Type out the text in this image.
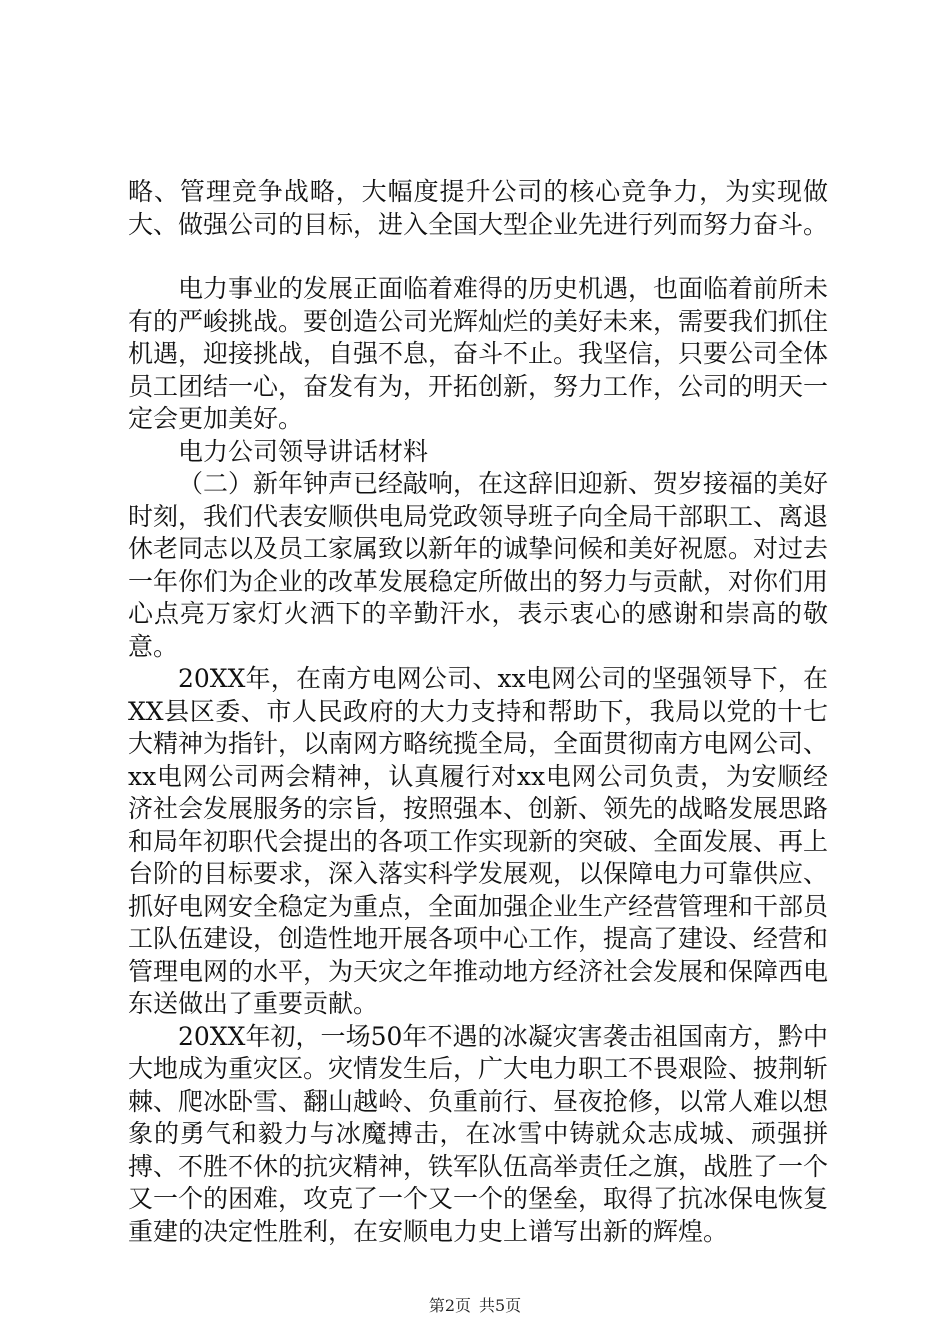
略、管理竞争战略，大幅度提升公司的核心竞争力，为实现做大、做强公司的目标，进入全国大型企业先进行列而努力奋斗。

电力事业的发展正面临着难得的历史机遇，也面临着前所未有的严峻挑战。要创造公司光辉灿烂的美好未来，需要我们抓住机遇，迎接挑战，自强不息，奋斗不止。我坚信，只要公司全体员工团结一心，奋发有为，开拓创新，努力工作，公司的明天一定会更加美好。

电力公司领导讲话材料

（二）新年钟声已经敲响，在这辞旧迎新、贺岁接福的美好时刻，我们代表安顺供电局党政领导班子向全局干部职工、离退休老同志以及员工家属致以新年的诚挚问候和美好祝愿。对过去一年你们为企业的改革发展稳定所做出的努力与贡献，对你们用心点亮万家灯火洒下的辛勤汗水，表示衷心的感谢和崇高的敬意。

20XX年，在南方电网公司、xx电网公司的坚强领导下，在XX县区委、市人民政府的大力支持和帮助下，我局以党的十七大精神为指针，以南网方略统揽全局，全面贯彻南方电网公司、xx电网公司两会精神，认真履行对xx电网公司负责，为安顺经济社会发展服务的宗旨，按照强本、创新、领先的战略发展思路和局年初职代会提出的各项工作实现新的突破、全面发展、再上台阶的目标要求，深入落实科学发展观，以保障电力可靠供应、抓好电网安全稳定为重点，全面加强企业生产经营管理和干部员工队伍建设，创造性地开展各项中心工作，提高了建设、经营和管理电网的水平，为天灾之年推动地方经济社会发展和保障西电东送做出了重要贡献。

20XX年初，一场50年不遇的冰凝灾害袭击祖国南方，黔中大地成为重灾区。灾情发生后，广大电力职工不畏艰险、披荆斩棘、爬冰卧雪、翻山越岭、负重前行、昼夜抢修，以常人难以想象的勇气和毅力与冰魔搏击，在冰雪中铸就众志成城、顽强拼搏、不胜不休的抗灾精神，铁军队伍高举责任之旗，战胜了一个又一个的困难，攻克了一个又一个的堡垒，取得了抗冰保电恢复重建的决定性胜利，在安顺电力史上谱写出新的辉煌。

第2页 共5页
